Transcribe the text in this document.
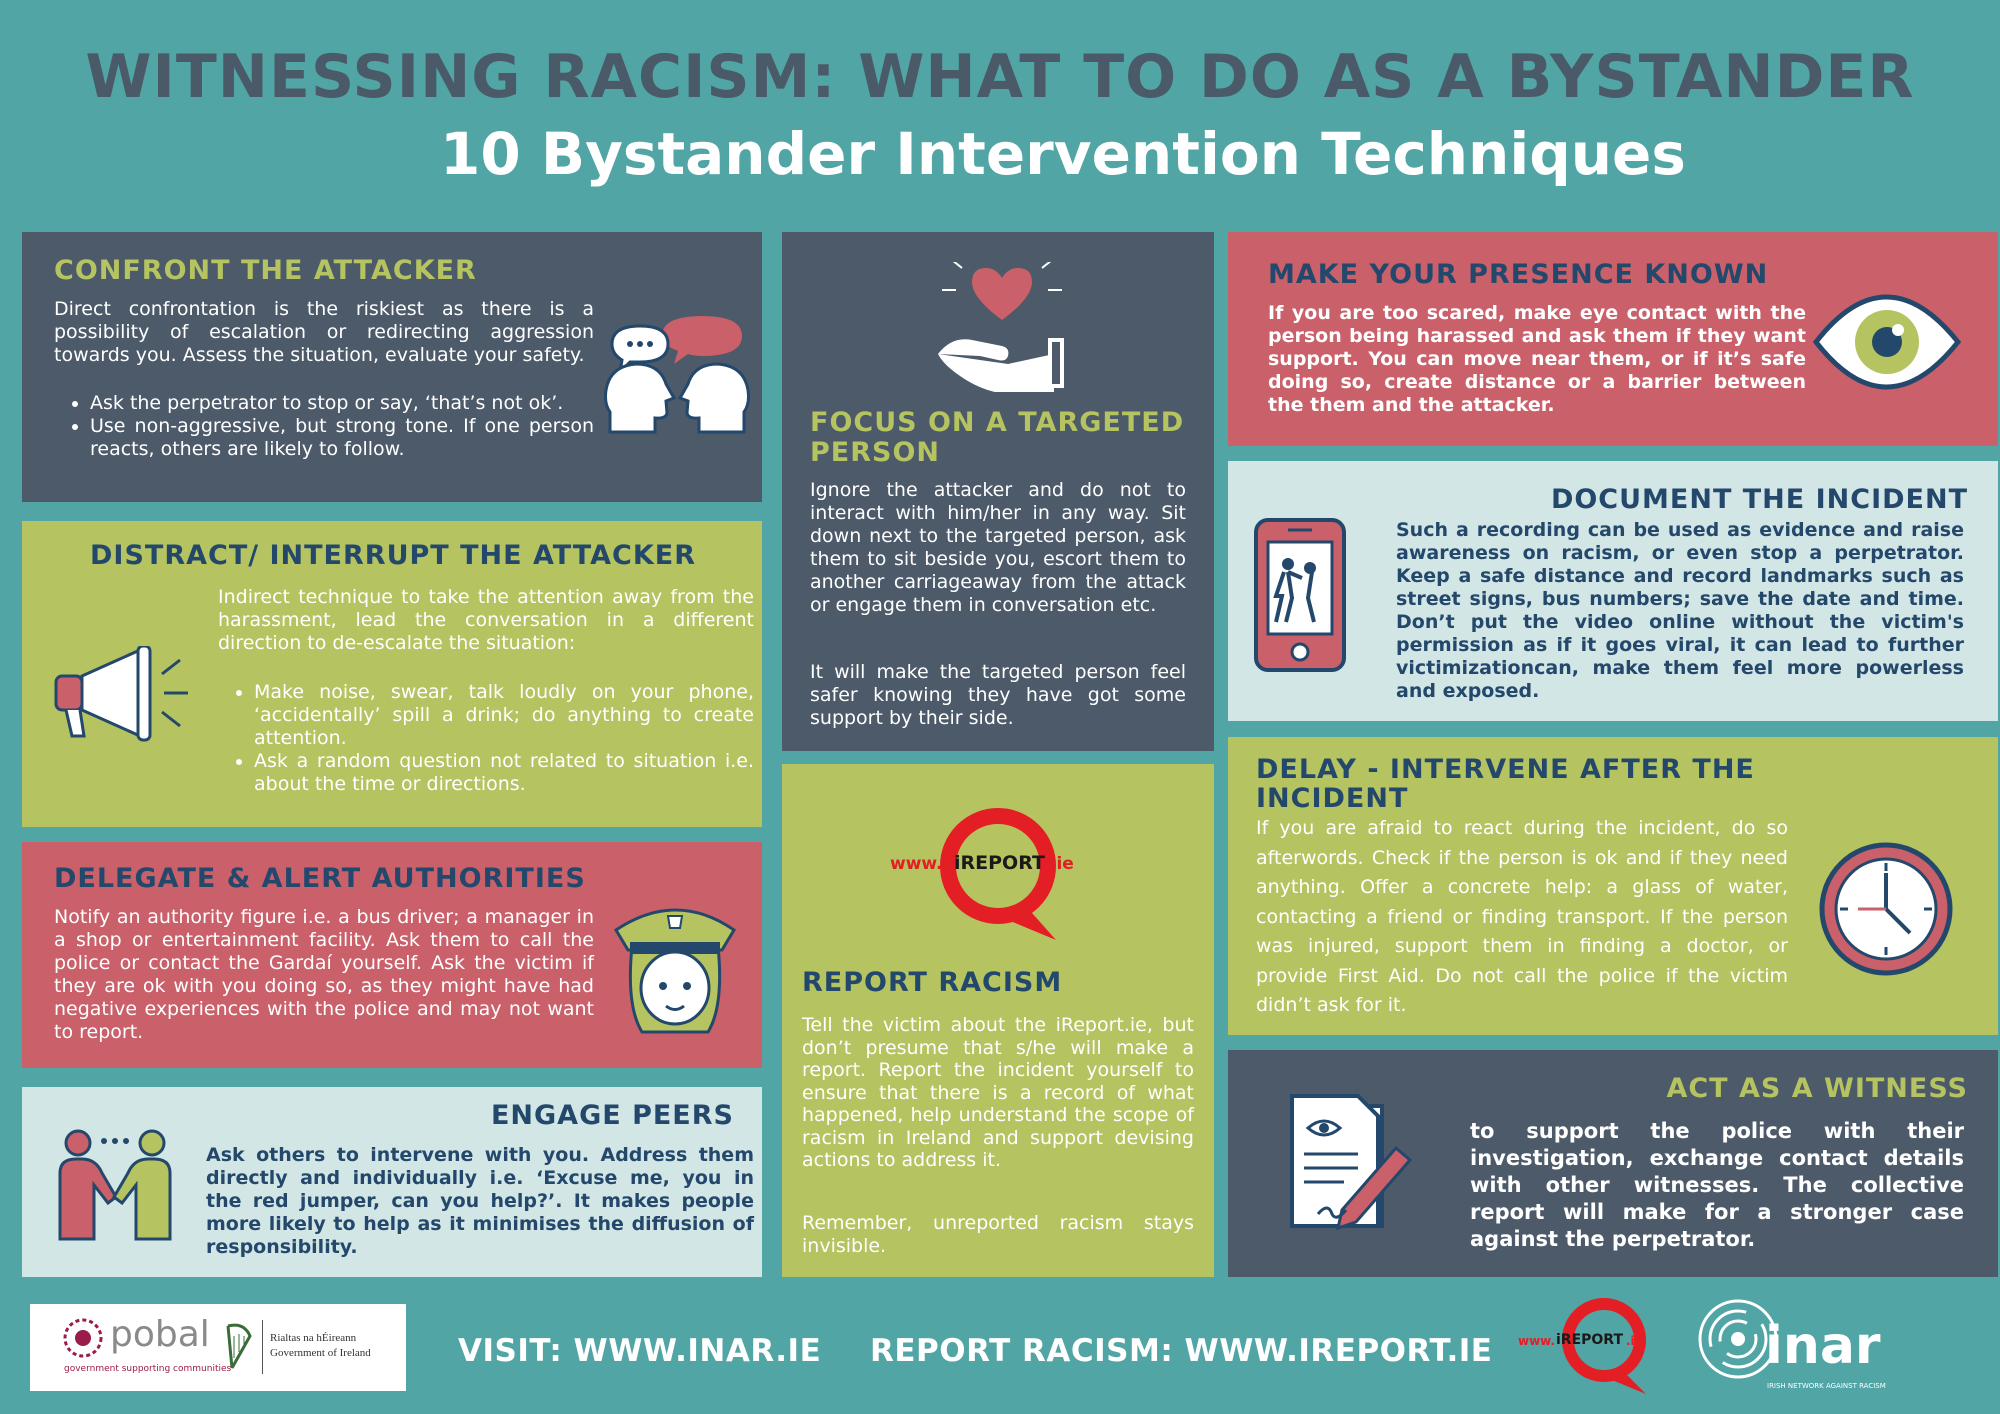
WITNESSING RACISM: WHAT TO DO AS A BYSTANDER
10 Bystander Intervention Techniques
CONFRONT THE ATTACKER

Direct confrontation is the riskiest as there is a possibility of escalation or redirecting aggression towards you. Assess the situation, evaluate your safety.

• Ask the perpetrator to stop or say, ‘that’s not ok’.
• Use non-aggressive, but strong tone. If one person reacts, others are likely to follow.
DISTRACT/ INTERRUPT THE ATTACKER

Indirect technique to take the attention away from the harassment, lead the conversation in a different direction to de-escalate the situation:

• Make noise, swear, talk loudly on your phone, ‘accidentally’ spill a drink; do anything to create attention.
• Ask a random question not related to situation i.e. about the time or directions.
DELEGATE & ALERT AUTHORITIES

Notify an authority figure i.e. a bus driver; a manager in a shop or entertainment facility. Ask them to call the police or contact the Gardaí yourself. Ask the victim if they are ok with you doing so, as they might have had negative experiences with the police and may not want to report.

ENGAGE PEERS

Ask others to intervene with you. Address them directly and individually i.e. ‘Excuse me, you in the red jumper, can you help?’. It makes people more likely to help as it minimises the diffusion of responsibility.

FOCUS ON A TARGETED PERSON

Ignore the attacker and do not to interact with him/her in any way. Sit down next to the targeted person, ask them to sit beside you, escort them to another carriageaway from the attack or engage them in conversation etc.

It will make the targeted person feel safer knowing they have got some support by their side.

www. iREPORT .ie
REPORT RACISM

Tell the victim about the iReport.ie, but don’t presume that s/he will make a report. Report the incident yourself to ensure that there is a record of what happened, help understand the scope of racism in Ireland and support devising actions to address it.

Remember, unreported racism stays invisible.

MAKE YOUR PRESENCE KNOWN

If you are too scared, make eye contact with the person being harassed and ask them if they want support. You can move near them, or if it’s safe doing so, create distance or a barrier between the them and the attacker.

DOCUMENT THE INCIDENT

Such a recording can be used as evidence and raise awareness on racism, or even stop a perpetrator. Keep a safe distance and record landmarks such as street signs, bus numbers; save the date and time. Don’t put the video online without the victim's permission as if it goes viral, it can lead to further victimizationcan, make them feel more powerless and exposed.

DELAY - INTERVENE AFTER THE INCIDENT

If you are afraid to react during the incident, do so afterwords. Check if the person is ok and if they need anything. Offer a concrete help: a glass of water, contacting a friend or finding transport. If the person was injured, support them in finding a doctor, or provide First Aid. Do not call the police if the victim didn’t ask for it.

ACT AS A WITNESS

to support the police with their investigation, exchange contact details with other witnesses. The collective report will make for a stronger case against the perpetrator.

pobal
government supporting communities
Rialtas na hÉireann
Government of Ireland	VISIT: WWW.INAR.IE REPORT RACISM: WWW.IREPORT.IE www. iREPORT .ie inar
IRISH NETWORK AGAINST RACISM
